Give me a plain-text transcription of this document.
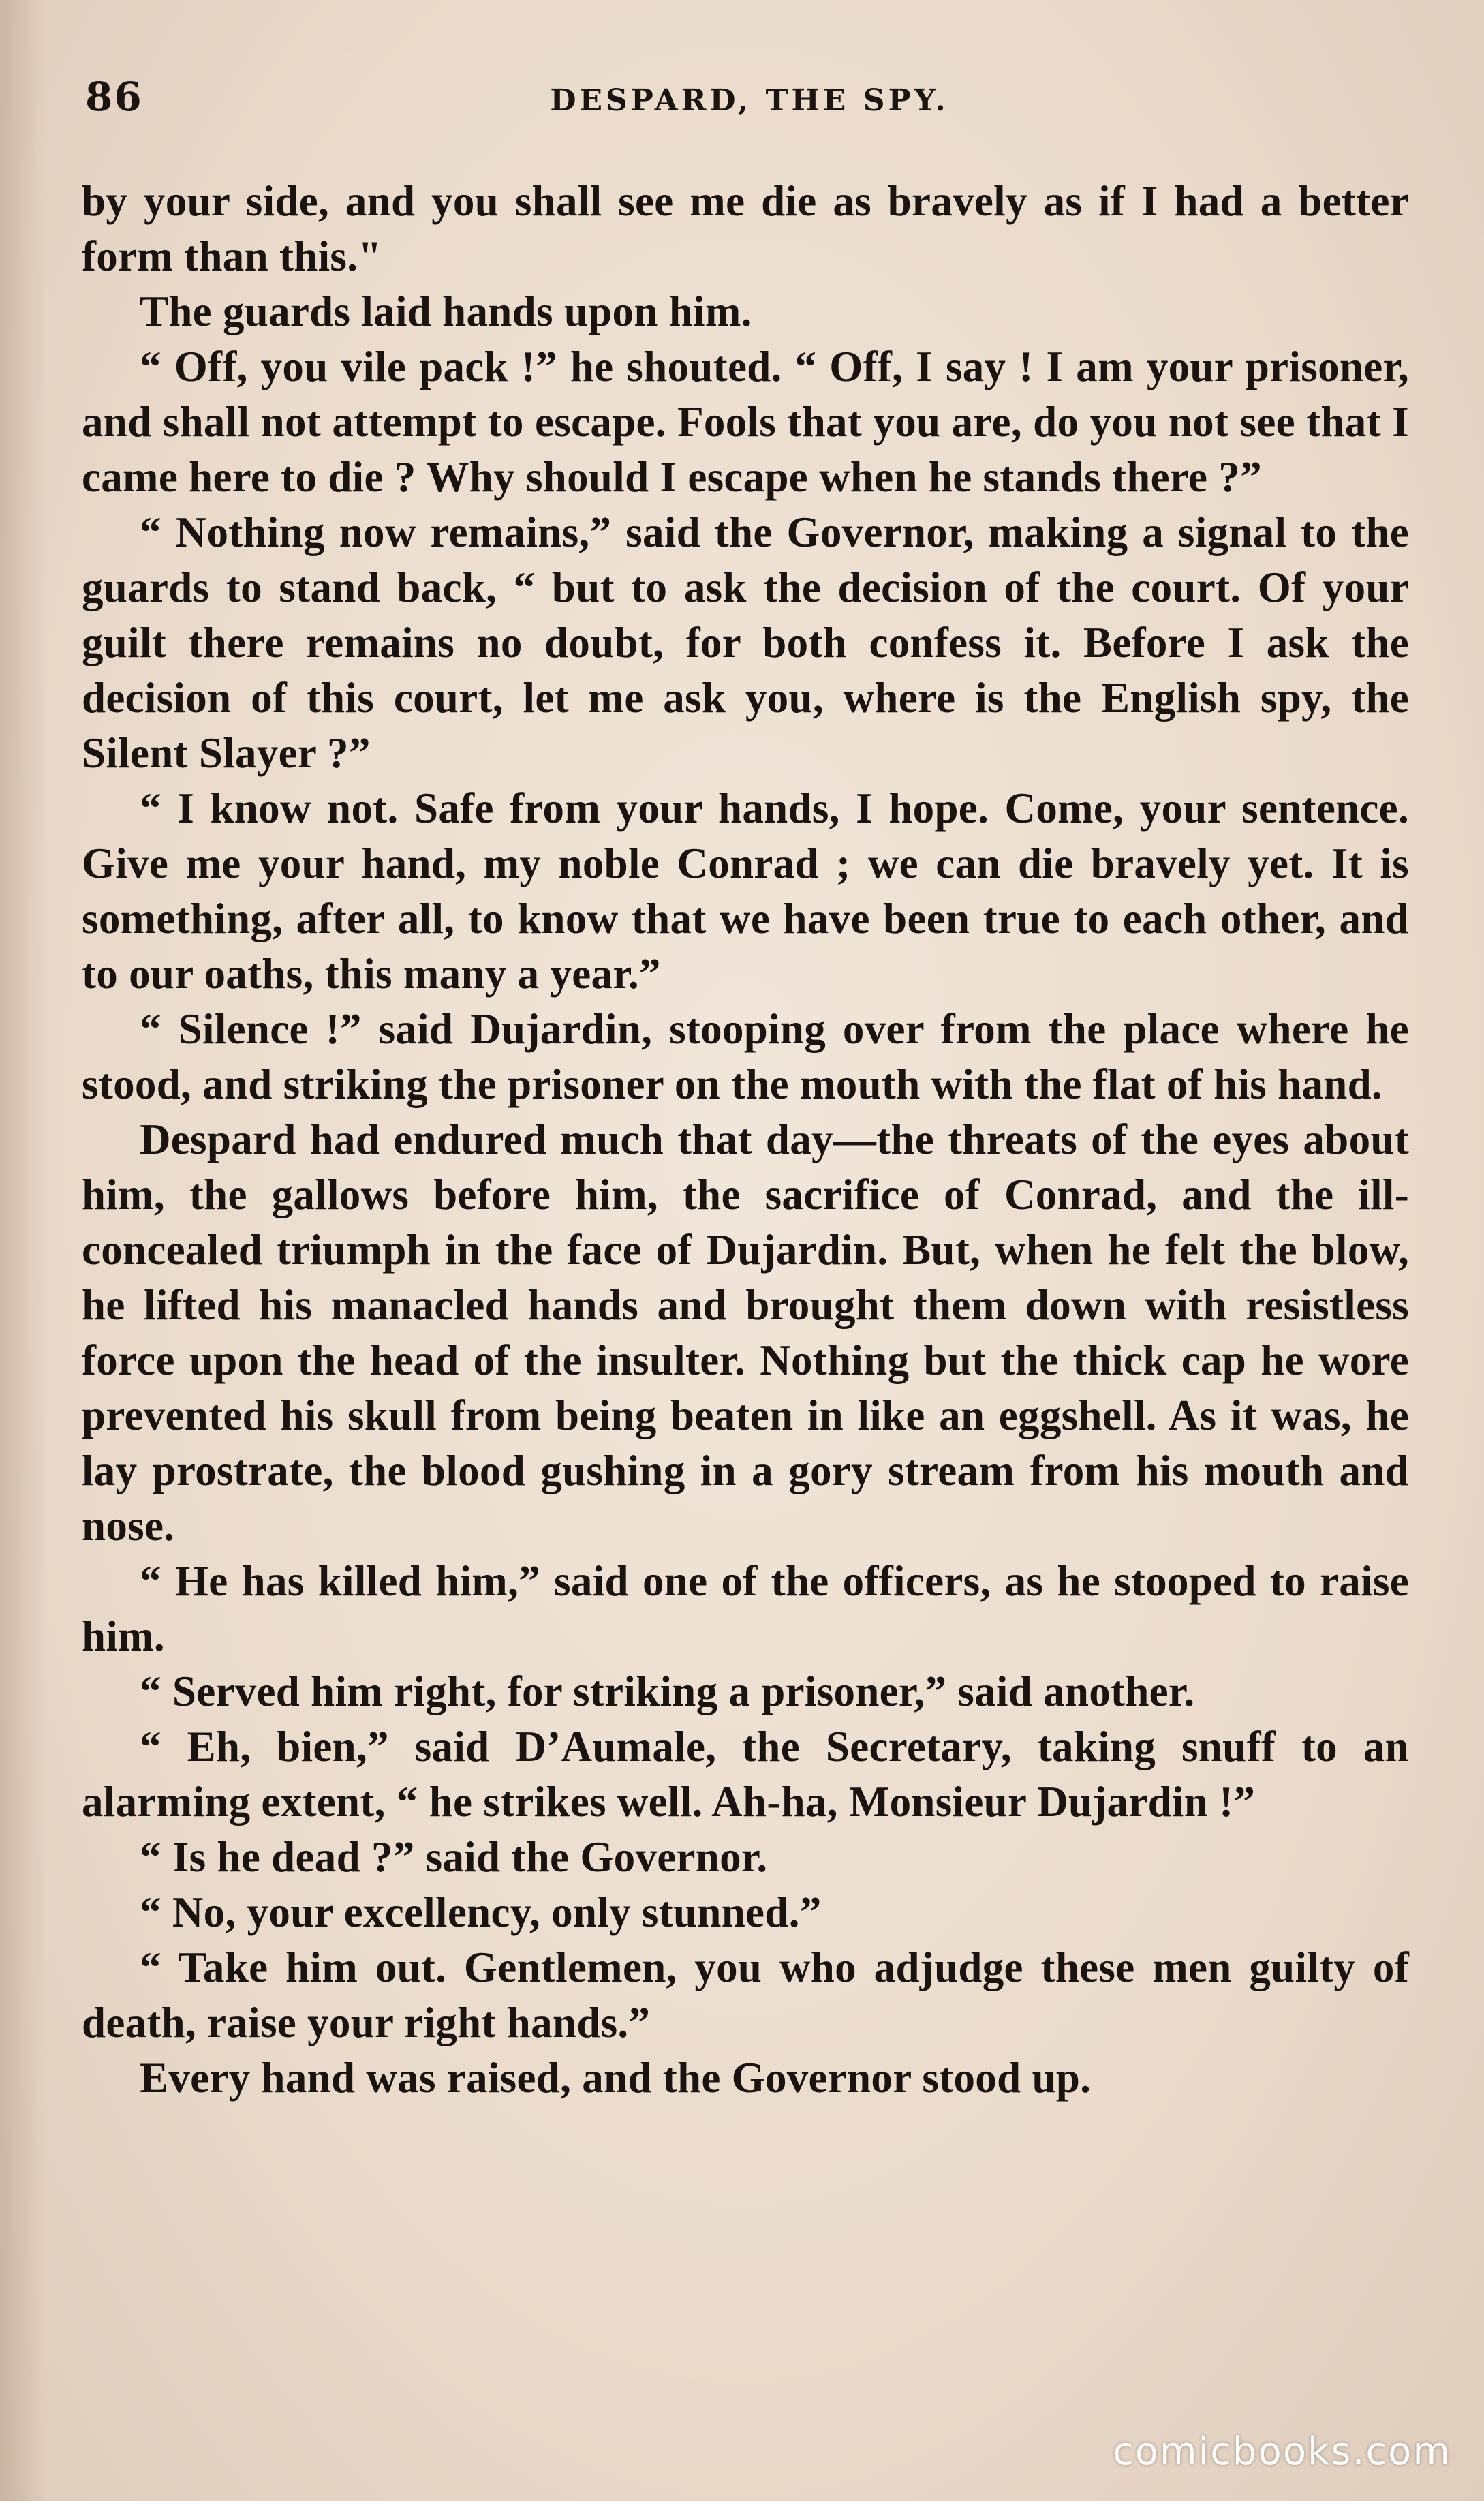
86	DESPARD, THE SPY.

by your side, and you shall see me die as bravely as if I had a better form than this."

The guards laid hands upon him.

“ Off, you vile pack !” he shouted. “ Off, I say ! I am your prisoner, and shall not attempt to escape. Fools that you are, do you not see that I came here to die ? Why should I escape when he stands there ?”

“ Nothing now remains,” said the Governor, making a signal to the guards to stand back, “ but to ask the decision of the court. Of your guilt there remains no doubt, for both confess it. Before I ask the decision of this court, let me ask you, where is the English spy, the Silent Slayer ?”

“ I know not. Safe from your hands, I hope. Come, your sentence. Give me your hand, my noble Conrad ; we can die bravely yet. It is something, after all, to know that we have been true to each other, and to our oaths, this many a year.”

“ Silence !” said Dujardin, stooping over from the place where he stood, and striking the prisoner on the mouth with the flat of his hand.

Despard had endured much that day—the threats of the eyes about him, the gallows before him, the sacrifice of Conrad, and the ill-concealed triumph in the face of Dujardin. But, when he felt the blow, he lifted his manacled hands and brought them down with resistless force upon the head of the insulter. Nothing but the thick cap he wore prevented his skull from being beaten in like an eggshell. As it was, he lay prostrate, the blood gushing in a gory stream from his mouth and nose.

“ He has killed him,” said one of the officers, as he stooped to raise him.

“ Served him right, for striking a prisoner,” said another.

“ Eh, bien,” said D’Aumale, the Secretary, taking snuff to an alarming extent, “ he strikes well. Ah-ha, Monsieur Dujardin !”

“ Is he dead ?” said the Governor.

“ No, your excellency, only stunned.”

“ Take him out. Gentlemen, you who adjudge these men guilty of death, raise your right hands.”

Every hand was raised, and the Governor stood up.

comicbooks.com
